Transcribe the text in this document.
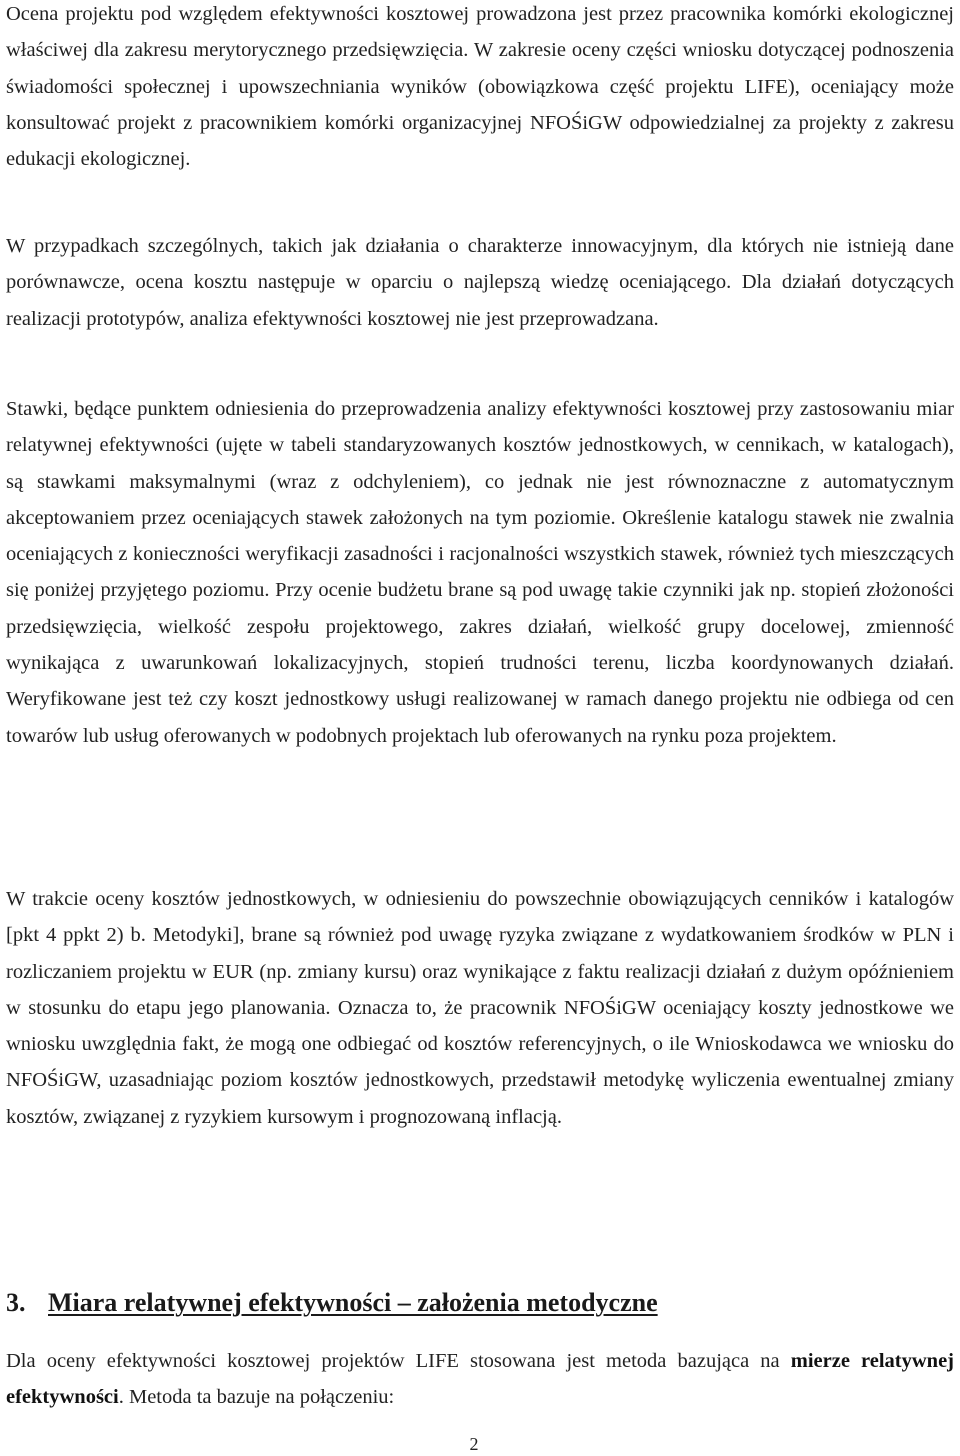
Ocena projektu pod względem efektywności kosztowej prowadzona jest przez pracownika komórki ekologicznej właściwej dla zakresu merytorycznego przedsięwzięcia. W zakresie oceny części wniosku dotyczącej podnoszenia świadomości społecznej i upowszechniania wyników (obowiązkowa część projektu LIFE), oceniający może konsultować projekt z pracownikiem komórki organizacyjnej NFOŚiGW odpowiedzialnej za projekty z zakresu edukacji ekologicznej.

W przypadkach szczególnych, takich jak działania o charakterze innowacyjnym, dla których nie istnieją dane porównawcze, ocena kosztu następuje w oparciu o najlepszą wiedzę oceniającego. Dla działań dotyczących realizacji prototypów, analiza efektywności kosztowej nie jest przeprowadzana.

Stawki, będące punktem odniesienia do przeprowadzenia analizy efektywności kosztowej przy zastosowaniu miar relatywnej efektywności (ujęte w tabeli standaryzowanych kosztów jednostkowych, w cennikach, w katalogach), są stawkami maksymalnymi (wraz z odchyleniem), co jednak nie jest równoznaczne z automatycznym akceptowaniem przez oceniających stawek założonych na tym poziomie. Określenie katalogu stawek nie zwalnia oceniających z konieczności weryfikacji zasadności i racjonalności wszystkich stawek, również tych mieszczących się poniżej przyjętego poziomu. Przy ocenie budżetu brane są pod uwagę takie czynniki jak np. stopień złożoności przedsięwzięcia, wielkość zespołu projektowego, zakres działań, wielkość grupy docelowej, zmienność wynikająca z uwarunkowań lokalizacyjnych, stopień trudności terenu, liczba koordynowanych działań. Weryfikowane jest też czy koszt jednostkowy usługi realizowanej w ramach danego projektu nie odbiega od cen towarów lub usług oferowanych w podobnych projektach lub oferowanych na rynku poza projektem.

W trakcie oceny kosztów jednostkowych, w odniesieniu do powszechnie obowiązujących cenników i katalogów [pkt 4 ppkt 2) b. Metodyki], brane są również pod uwagę ryzyka związane z wydatkowaniem środków w PLN i rozliczaniem projektu w EUR (np. zmiany kursu) oraz wynikające z faktu realizacji działań z dużym opóźnieniem w stosunku do etapu jego planowania. Oznacza to, że pracownik NFOŚiGW oceniający koszty jednostkowe we wniosku uwzględnia fakt, że mogą one odbiegać od kosztów referencyjnych, o ile Wnioskodawca we wniosku do NFOŚiGW, uzasadniając poziom kosztów jednostkowych, przedstawił metodykę wyliczenia ewentualnej zmiany kosztów, związanej z ryzykiem kursowym i prognozowaną inflacją.

3. Miara relatywnej efektywności – założenia metodyczne

Dla oceny efektywności kosztowej projektów LIFE stosowana jest metoda bazująca na mierze relatywnej efektywności. Metoda ta bazuje na połączeniu:

2
